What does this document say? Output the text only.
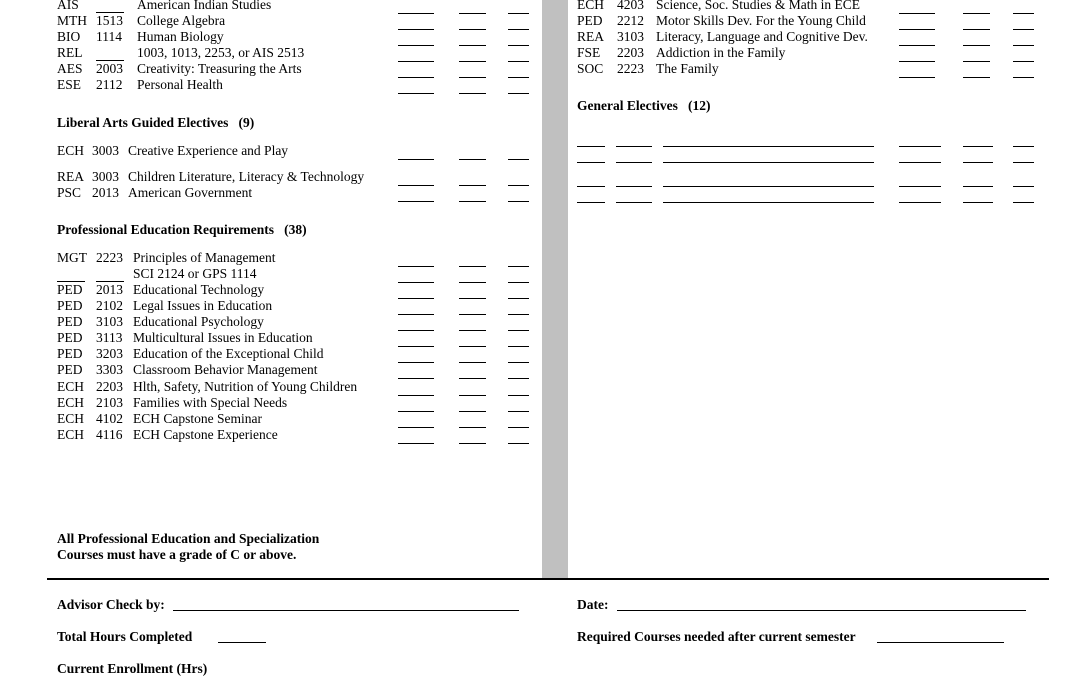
AIS	American Indian Studies
MTH 1513 College Algebra
BIO 1114 Human Biology
REL	1003, 1013, 2253, or AIS 2513
AES 2003 Creativity: Treasuring the Arts
ESE 2112 Personal Health
Liberal Arts Guided Electives (9)
ECH 3003 Creative Experience and Play
REA 3003 Children Literature, Literacy & Technology
PSC 2013 American Government
Professional Education Requirements (38)
MGT 2223 Principles of Management
SCI 2124 or GPS 1114
PED 2013 Educational Technology
PED 2102 Legal Issues in Education
PED 3103 Educational Psychology
PED 3113 Multicultural Issues in Education
PED 3203 Education of the Exceptional Child
PED 3303 Classroom Behavior Management
ECH 2203 Hlth, Safety, Nutrition of Young Children
ECH 2103 Families with Special Needs
ECH 4102 ECH Capstone Seminar
ECH 4116 ECH Capstone Experience
All Professional Education and Specialization
Courses must have a grade of C or above.
ECH 4203 Science, Soc. Studies & Math in ECE
PED 2212 Motor Skills Dev. For the Young Child
REA 3103 Literacy, Language and Cognitive Dev.
FSE 2203 Addiction in the Family
SOC 2223 The Family
General Electives (12)
Advisor Check by:	Date:
Total Hours Completed	Required Courses needed after current semester
Current Enrollment (Hrs)
